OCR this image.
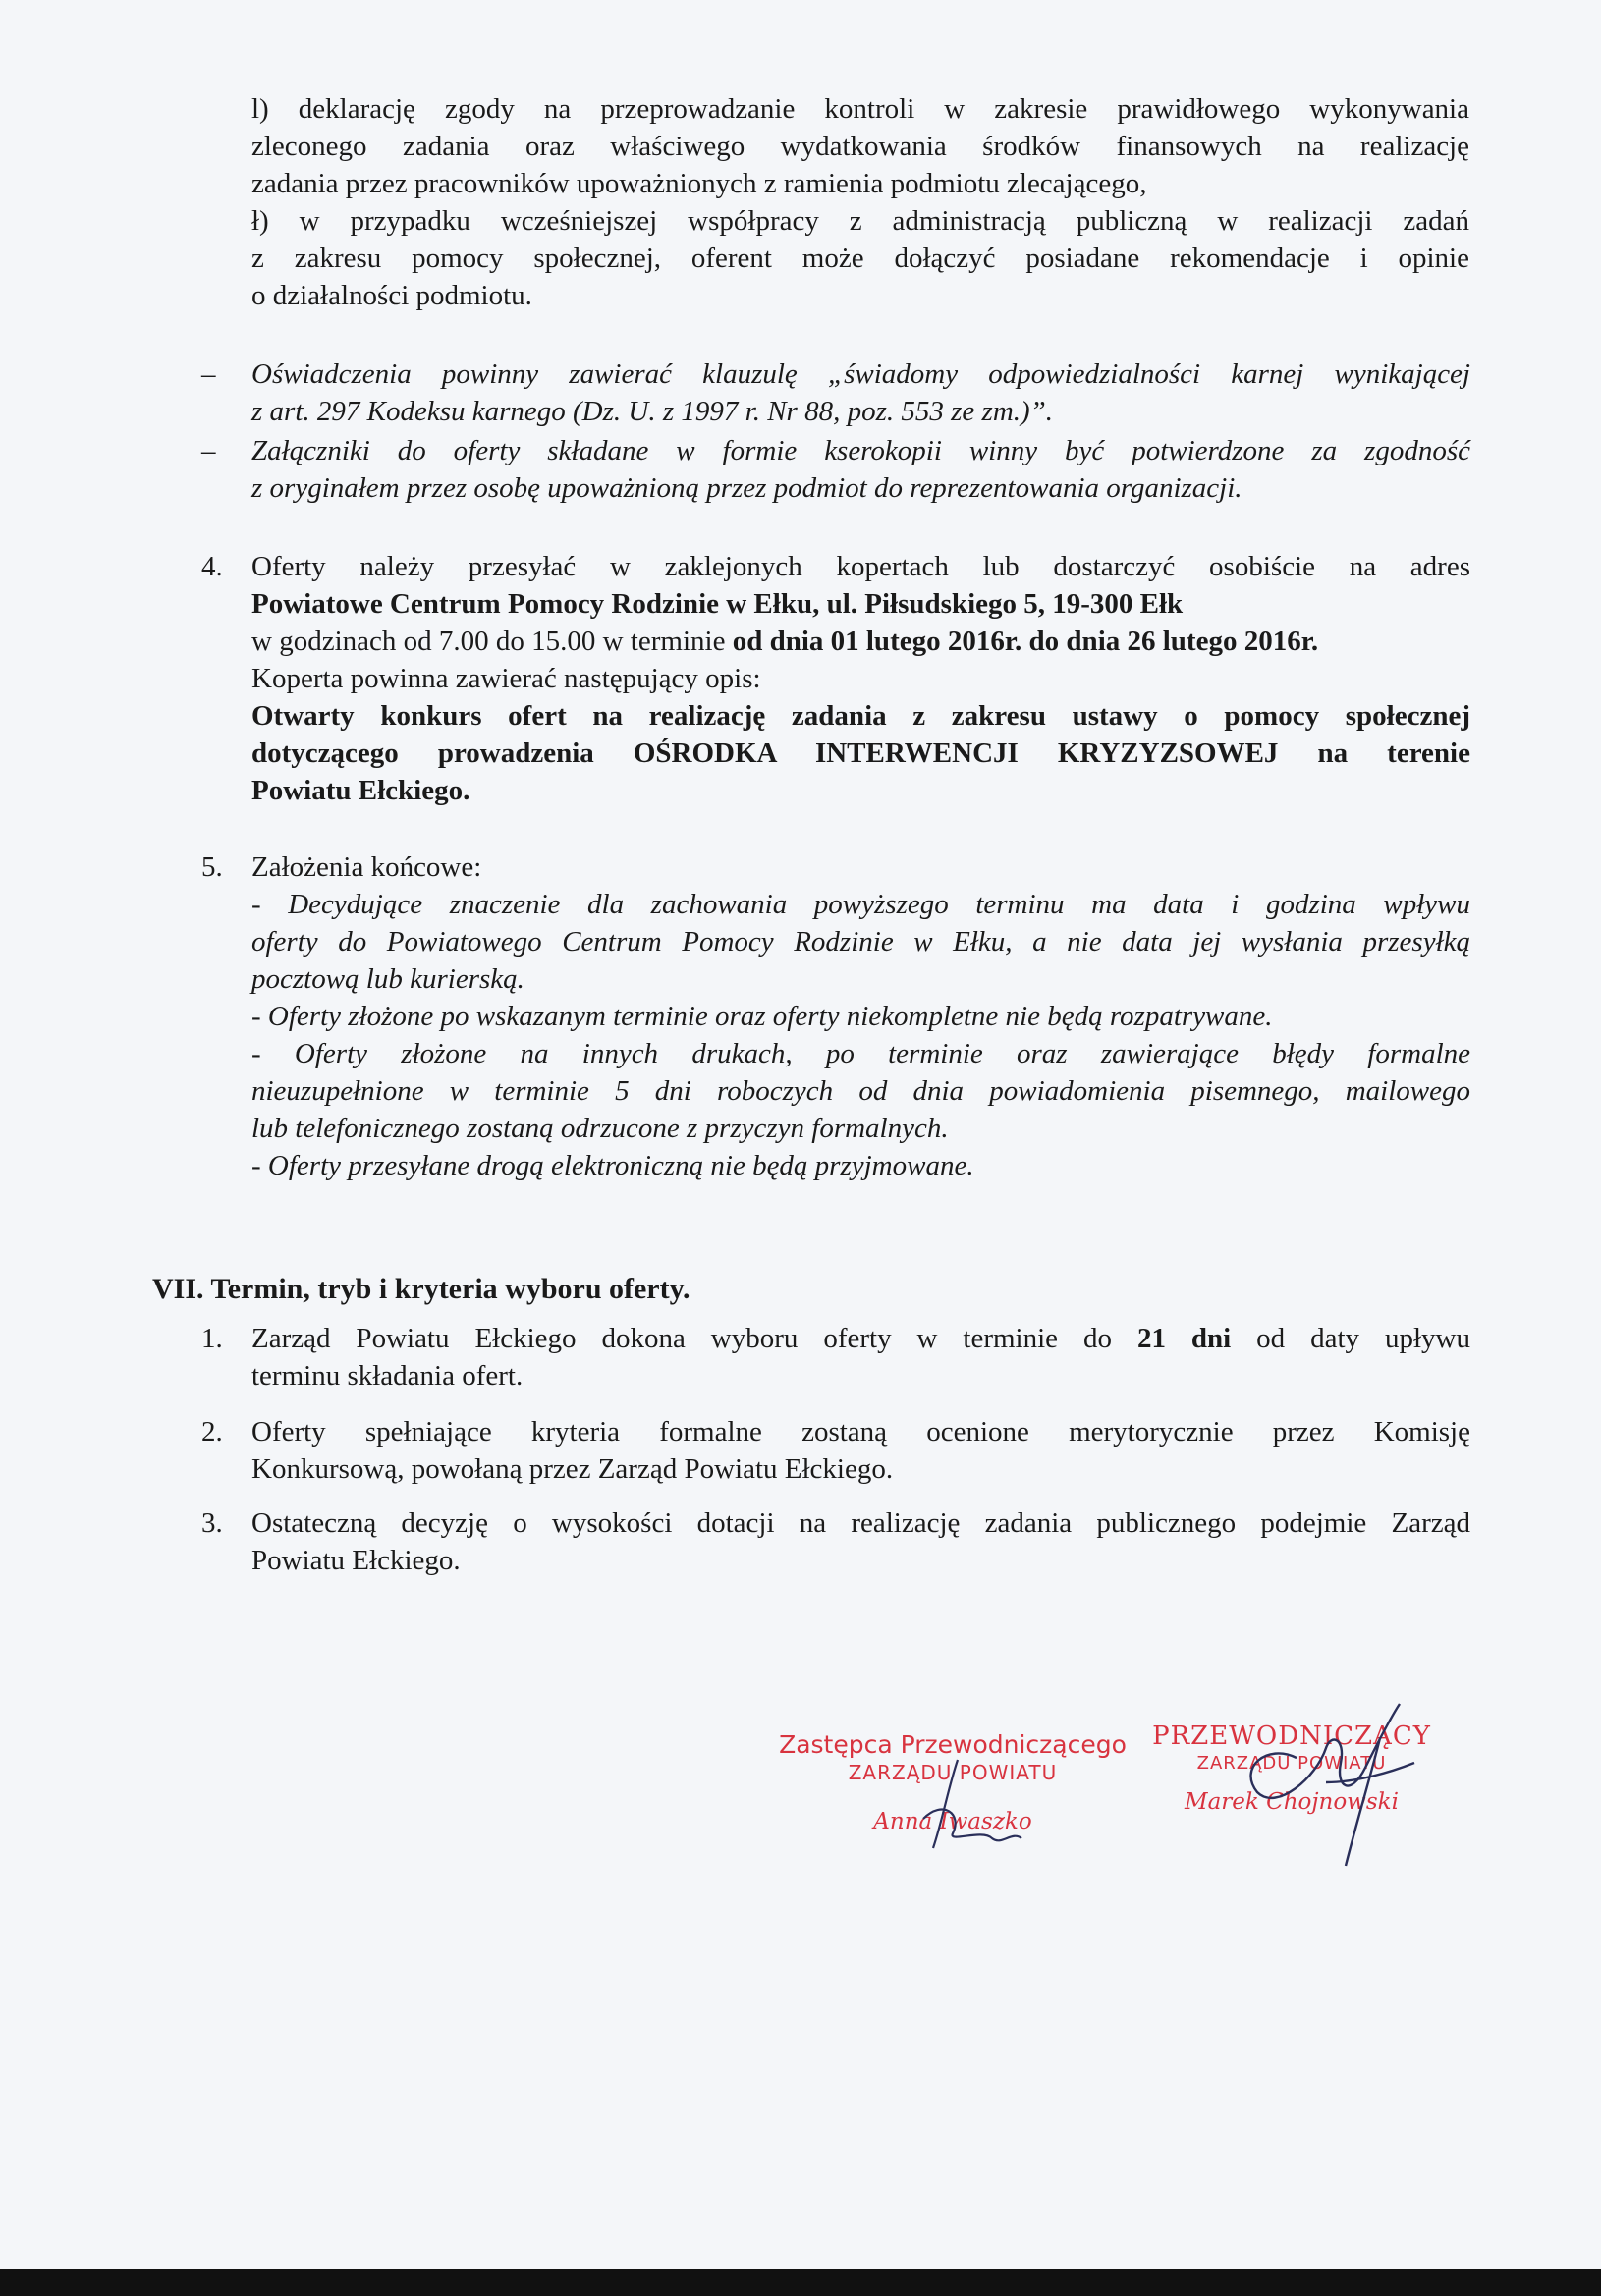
l) deklarację zgody na przeprowadzanie kontroli w zakresie prawidłowego wykonywania
zleconego zadania oraz właściwego wydatkowania środków finansowych na realizację
zadania przez pracowników upoważnionych z ramienia podmiotu zlecającego,
ł) w przypadku wcześniejszej współpracy z administracją publiczną w realizacji zadań
z zakresu pomocy społecznej, oferent może dołączyć posiadane rekomendacje i opinie
o działalności podmiotu.
–	Oświadczenia powinny zawierać klauzulę „świadomy odpowiedzialności karnej wynikającej
z art. 297 Kodeksu karnego (Dz. U. z 1997 r. Nr 88, poz. 553 ze zm.)”.
–	Załączniki do oferty składane w formie kserokopii winny być potwierdzone za zgodność
z oryginałem przez osobę upoważnioną przez podmiot do reprezentowania organizacji.
4.	Oferty należy przesyłać w zaklejonych kopertach lub dostarczyć osobiście na adres
Powiatowe Centrum Pomocy Rodzinie w Ełku, ul. Piłsudskiego 5, 19-300 Ełk
w godzinach od 7.00 do 15.00 w terminie od dnia 01 lutego 2016r. do dnia 26 lutego 2016r.
Koperta powinna zawierać następujący opis:
Otwarty konkurs ofert na realizację zadania z zakresu ustawy o pomocy społecznej
dotyczącego prowadzenia OŚRODKA INTERWENCJI KRYZYZSOWEJ na terenie
Powiatu Ełckiego.
5.	Założenia końcowe:
- Decydujące znaczenie dla zachowania powyższego terminu ma data i godzina wpływu
oferty do Powiatowego Centrum Pomocy Rodzinie w Ełku, a nie data jej wysłania przesyłką
pocztową lub kurierską.
- Oferty złożone po wskazanym terminie oraz oferty niekompletne nie będą rozpatrywane.
- Oferty złożone na innych drukach, po terminie oraz zawierające błędy formalne
nieuzupełnione w terminie 5 dni roboczych od dnia powiadomienia pisemnego, mailowego
lub telefonicznego zostaną odrzucone z przyczyn formalnych.
- Oferty przesyłane drogą elektroniczną nie będą przyjmowane.
VII. Termin, tryb i kryteria wyboru oferty.
1.	Zarząd Powiatu Ełckiego dokona wyboru oferty w terminie do 21 dni od daty upływu
terminu składania ofert.
2.	Oferty spełniające kryteria formalne zostaną ocenione merytorycznie przez Komisję
Konkursową, powołaną przez Zarząd Powiatu Ełckiego.
3.	Ostateczną decyzję o wysokości dotacji na realizację zadania publicznego podejmie Zarząd
Powiatu Ełckiego.
Zastępca Przewodniczącego
ZARZĄDU POWIATU
Anna Iwaszko
PRZEWODNICZĄCY
ZARZĄDU POWIATU
Marek Chojnowski
